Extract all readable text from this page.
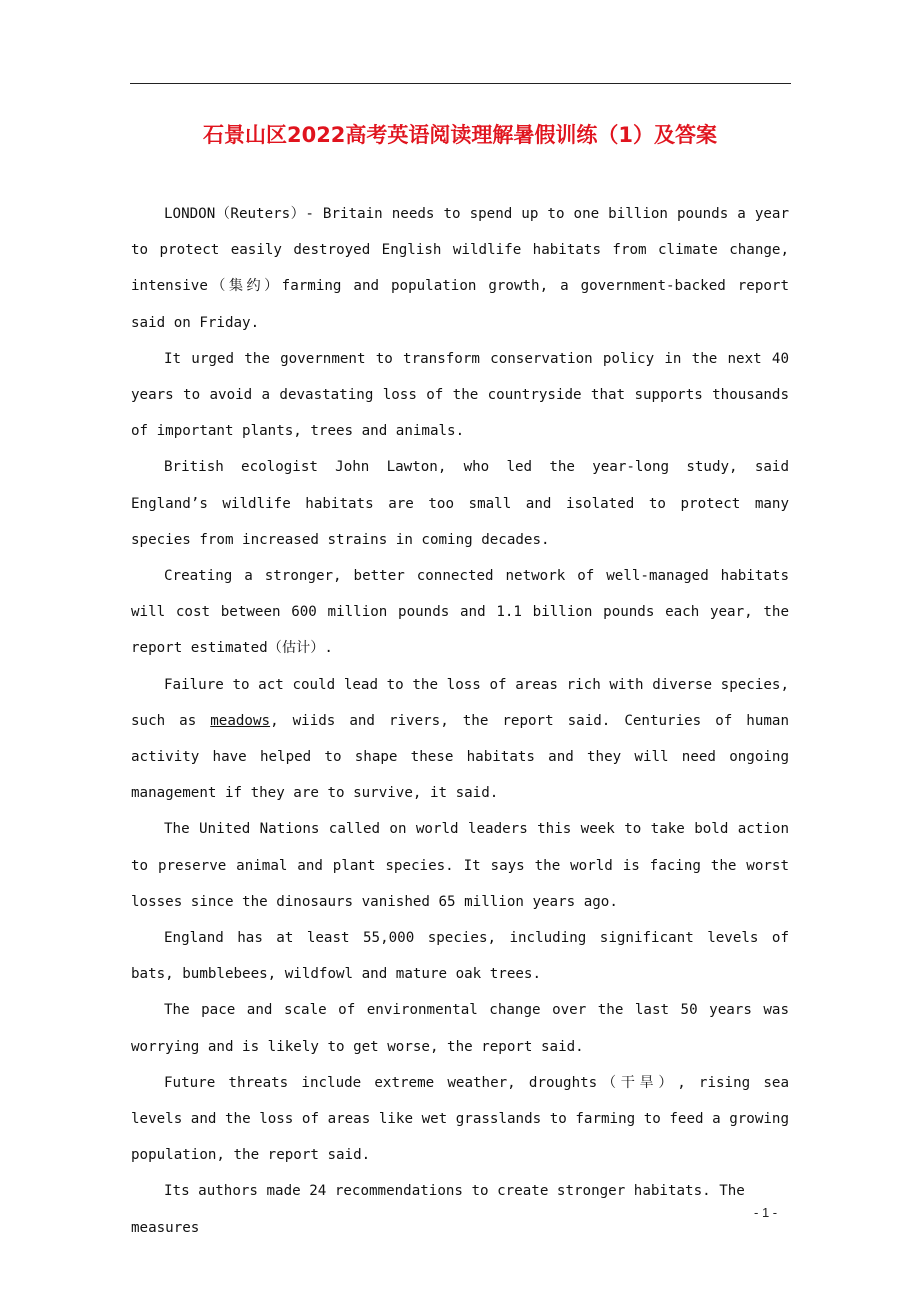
石景山区2022高考英语阅读理解暑假训练（1）及答案

LONDON（Reuters）- Britain needs to spend up to one billion pounds a year to protect easily destroyed English wildlife habitats from climate change, intensive（集约）farming and population growth, a government-backed report said on Friday.

It urged the government to transform conservation policy in the next 40 years to avoid a devastating loss of the countryside that supports thousands of important plants, trees and animals.

British ecologist John Lawton, who led the year-long study, said England’s wildlife habitats are too small and isolated to protect many species from increased strains in coming decades.

Creating a stronger, better connected network of well-managed habitats will cost between 600 million pounds and 1.1 billion pounds each year, the report estimated（估计）.

Failure to act could lead to the loss of areas rich with diverse species, such as meadows, wiids and rivers, the report said. Centuries of human activity have helped to shape these habitats and they will need ongoing management if they are to survive, it said.

The United Nations called on world leaders this week to take bold action to preserve animal and plant species. It says the world is facing the worst losses since the dinosaurs vanished 65 million years ago.

England has at least 55,000 species, including significant levels of bats, bumblebees, wildfowl and mature oak trees.

The pace and scale of environmental change over the last 50 years was worrying and is likely to get worse, the report said.

Future threats include extreme weather, droughts（干旱）, rising sea levels and the loss of areas like wet grasslands to farming to feed a growing population, the report said.

Its authors made 24 recommendations to create stronger habitats. The measures

- 1 -
